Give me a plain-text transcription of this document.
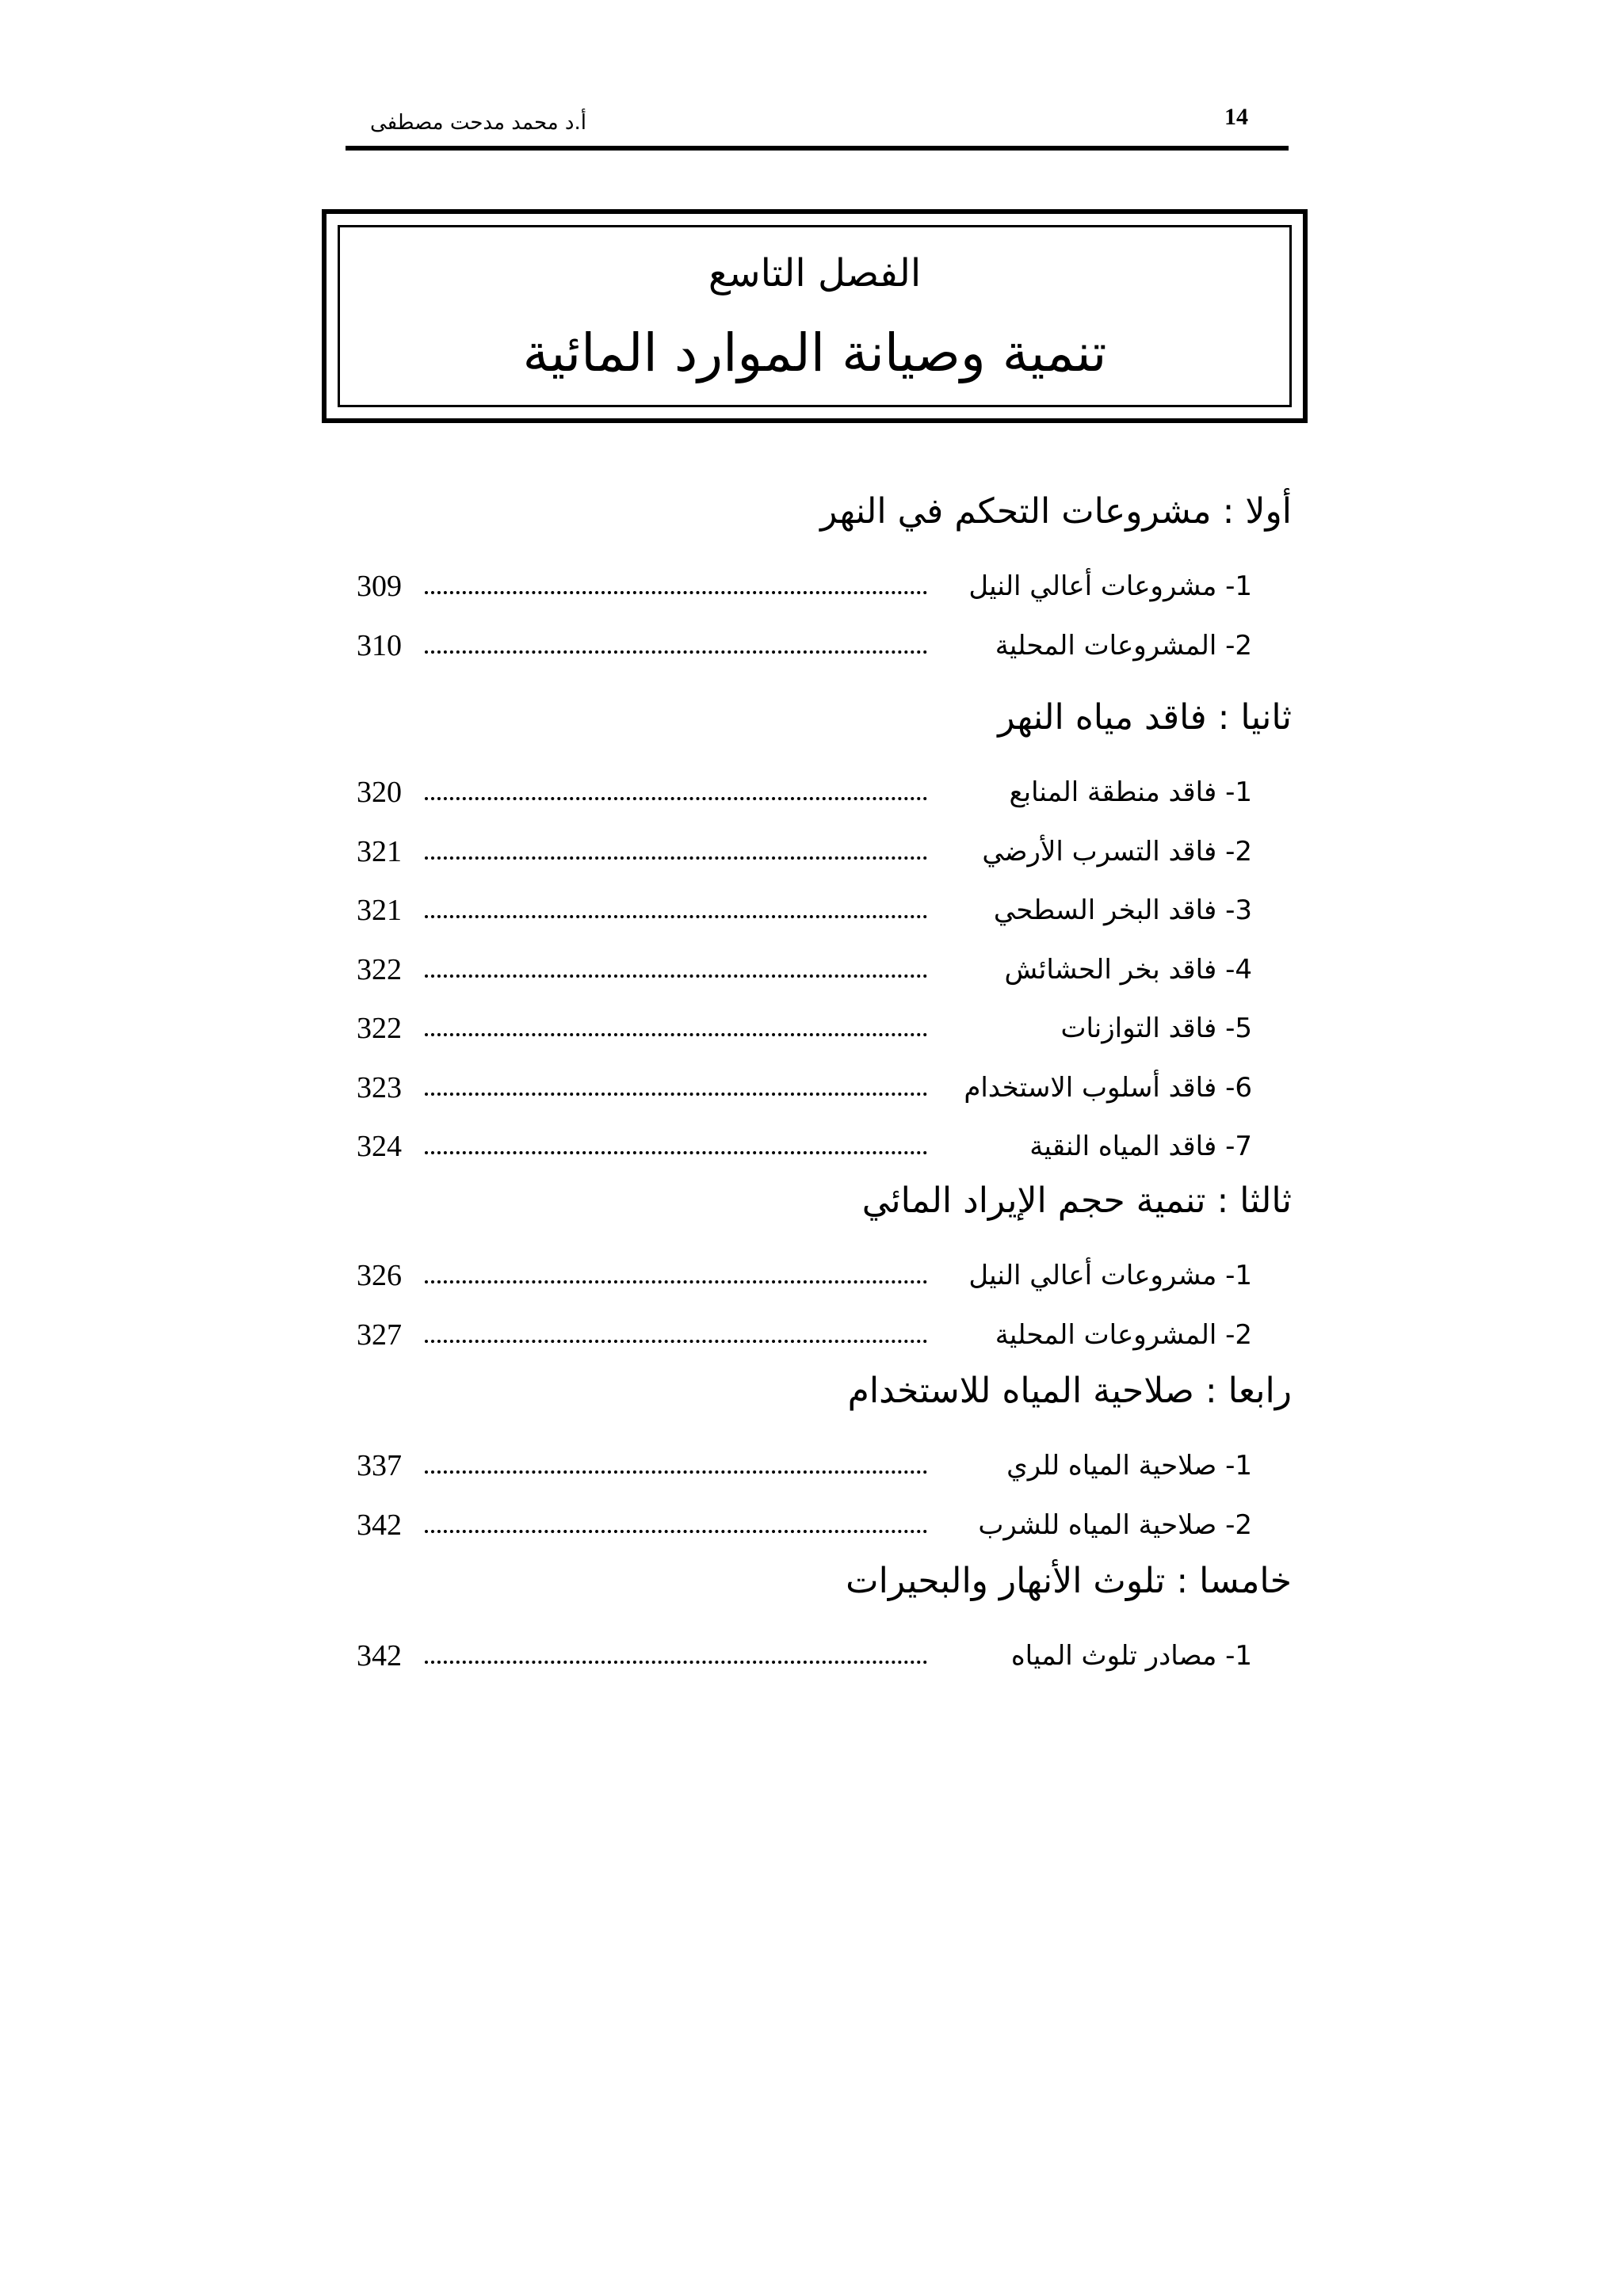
14
أ.د محمد مدحت مصطفى
الفصل التاسع
تنمية وصيانة الموارد المائية
أولا : مشروعات التحكم في النهر
309	1- مشروعات أعالي النيل
310	2- المشروعات المحلية
ثانيا : فاقد مياه النهر
320	1- فاقد منطقة المنابع
321	2- فاقد التسرب الأرضي
321	3- فاقد البخر السطحي
322	4- فاقد بخر الحشائش
322	5- فاقد التوازنات
323	6- فاقد أسلوب الاستخدام
324	7- فاقد المياه النقية
ثالثا : تنمية حجم الإيراد المائي
326	1- مشروعات أعالي النيل
327	2- المشروعات المحلية
رابعا : صلاحية المياه للاستخدام
337	1- صلاحية المياه للري
342	2- صلاحية المياه للشرب
خامسا : تلوث الأنهار والبحيرات
342	1- مصادر تلوث المياه
